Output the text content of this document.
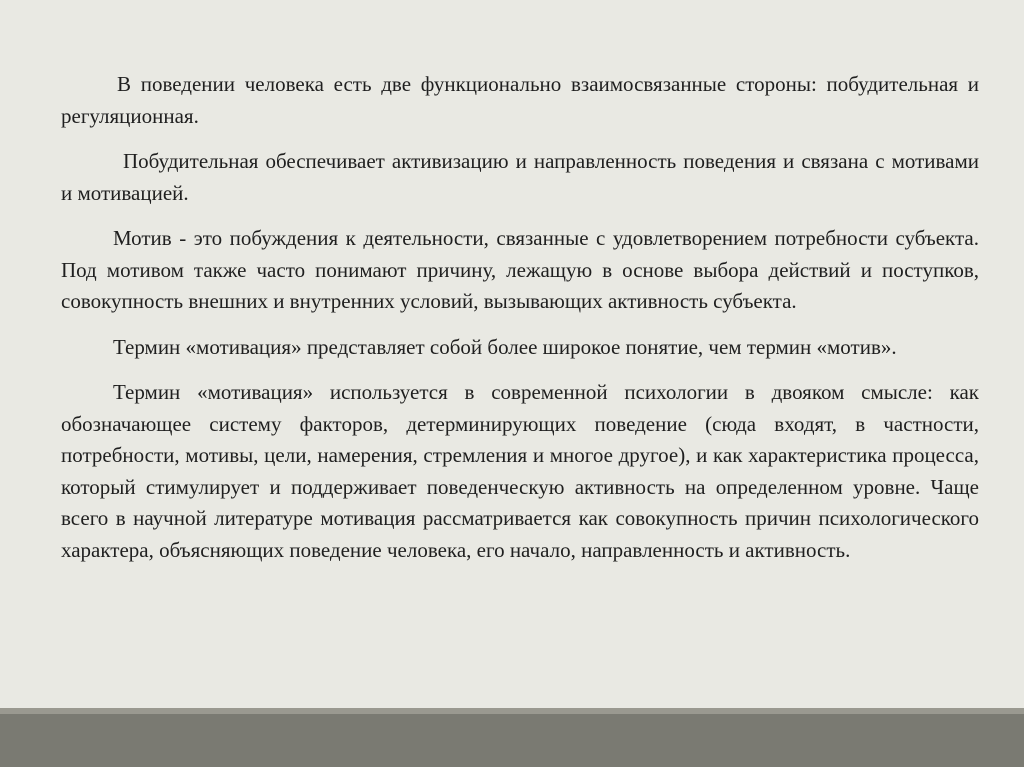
В поведении человека есть две функционально взаимосвязанные стороны: побудительная и регуляционная.

Побудительная обеспечивает активизацию и направленность поведения и связана с мотивами и мотивацией.

Мотив - это побуждения к деятельности, связанные с удовлетворением потребности субъекта. Под мотивом также часто понимают причину, лежащую в основе выбора действий и поступков, совокупность внешних и внутренних условий, вызывающих активность субъекта.

Термин «мотивация» представляет собой более широкое понятие, чем термин «мотив».

Термин «мотивация» используется в современной психологии в двояком смысле: как обозначающее систему факторов, детерминирующих поведение (сюда входят, в частности, потребности, мотивы, цели, намерения, стремления и многое другое), и как характеристика процесса, который стимулирует и поддерживает поведенческую активность на определенном уровне. Чаще всего в научной литературе мотивация рассматривается как совокупность причин психологического характера, объясняющих поведение человека, его начало, направленность и активность.
